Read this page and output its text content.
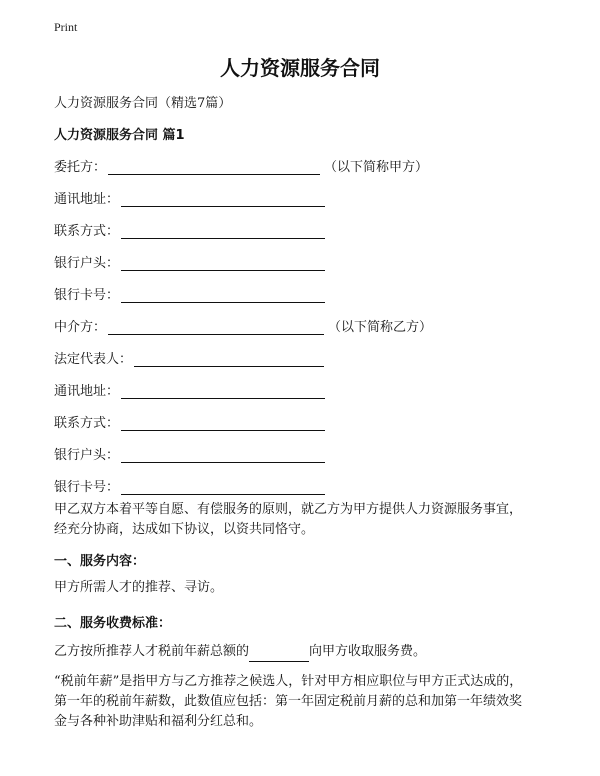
Print
人力资源服务合同
人力资源服务合同（精选7篇）
人力资源服务合同 篇1
委托方：	（以下简称甲方）
通讯地址：
联系方式：
银行户头：
银行卡号：
中介方：	（以下简称乙方）
法定代表人：
通讯地址：
联系方式：
银行户头：
银行卡号：
甲乙双方本着平等自愿、有偿服务的原则，就乙方为甲方提供人力资源服务事宜，
经充分协商，达成如下协议，以资共同恪守。
一、服务内容：
甲方所需人才的推荐、寻访。
二、服务收费标准：
乙方按所推荐人才税前年薪总额的	向甲方收取服务费。
“税前年薪”是指甲方与乙方推荐之候选人，针对甲方相应职位与甲方正式达成的，
第一年的税前年薪数，此数值应包括：第一年固定税前月薪的总和加第一年绩效奖
金与各种补助津贴和福利分红总和。
